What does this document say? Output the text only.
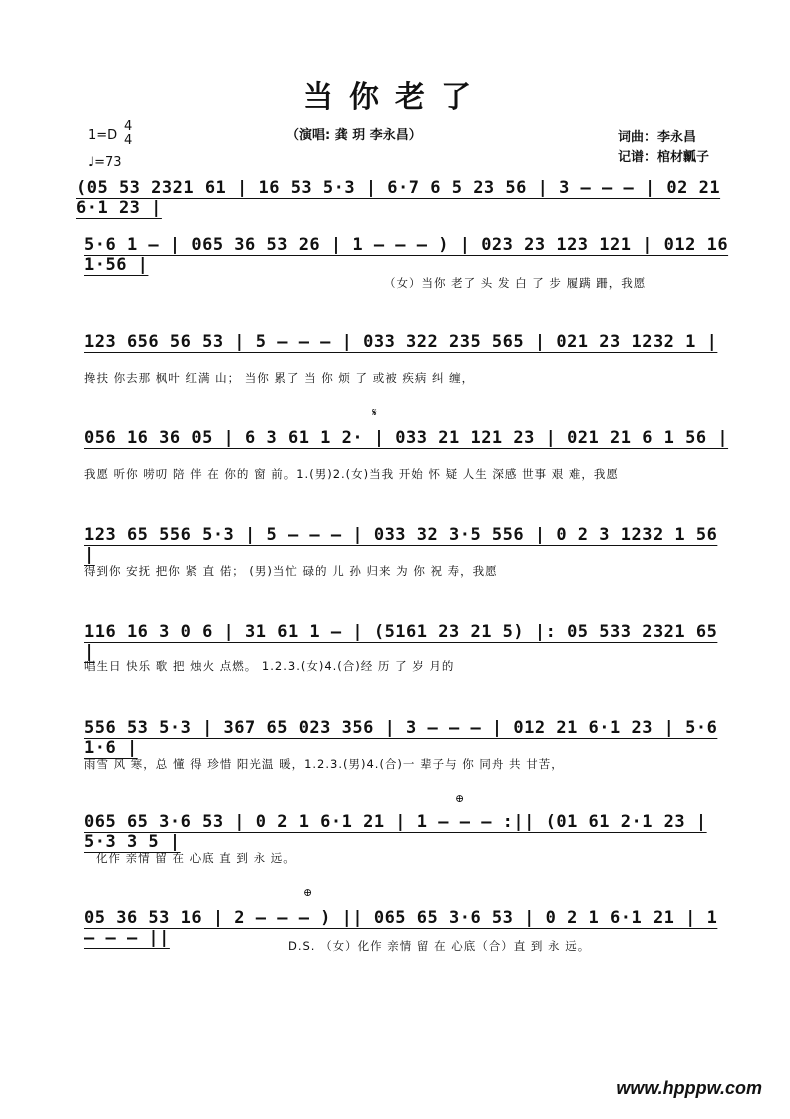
当你老了
1=D
4
4
♩=73
（演唱: 龚 玥 李永昌）	词曲：李永昌
记谱：棺材瓤子
(05 53 2321 61 | 16 53 5·3 | 6·7 6 5 23 56 | 3 — — — | 02 21 6·1 23 |
5·6 1 — | 065 36 53 26 | 1 — — — ) | 023 23 123 121 | 012 16 1·56 |
（女）当你 老了 头 发 白 了 步 履蹒 跚，我愿
123 656 56 53 | 5 — — — | 033 322 235 565 | 021 23 1232 1 |
搀扶 你去那 枫叶 红满 山； 当你 累了 当 你 烦 了 或被 疾病 纠 缠，
𝄋
056 16 36 05 | 6 3 61 1 2· | 033 21 121 23 | 021 21 6 1 56 |
我愿 听你 唠叨 陪 伴 在 你的 窗 前。1.(男)2.(女)当我 开始 怀 疑 人生 深感 世事 艰 难，我愿
123 65 556 5·3 | 5 — — — | 033 32 3·5 556 | 0 2 3 1232 1 56 |
得到你 安抚 把你 紧 直 偌； (男)当忙 碌的 儿 孙 归来 为 你 祝 寿，我愿
116 16 3 0 6 | 31 61 1 — | (5161 23 21 5) |: 05 533 2321 65 |
唱生日 快乐 歌 把 烛火 点燃。 1.2.3.(女)4.(合)经 历 了 岁 月的
556 53 5·3 | 367 65 023 356 | 3 — — — | 012 21 6·1 23 | 5·6 1·6 |
雨雪 风 寒，总 懂 得 珍惜 阳光温 暖，1.2.3.(男)4.(合)一 辈子与 你 同舟 共 甘苦，
⊕
065 65 3·6 53 | 0 2 1 6·1 21 | 1 — — — :|| (01 61 2·1 23 | 5·3 3 5 |
化作 亲情 留 在 心底 直 到 永 远。
⊕
05 36 53 16 | 2 — — — ) || 065 65 3·6 53 | 0 2 1 6·1 21 | 1 — — — ||	D.S. （女）化作 亲情 留 在 心底（合）直 到 永 远。
www.hpppw.com
